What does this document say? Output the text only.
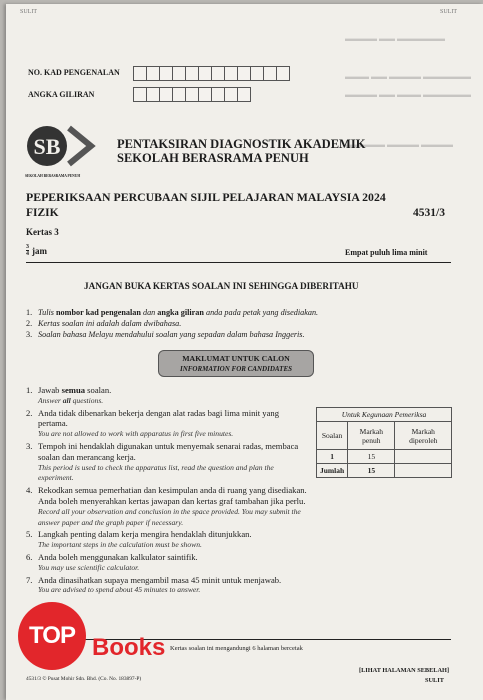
▬▬▬▬ ▬▬ ▬▬▬▬▬▬
▬▬▬ ▬▬ ▬▬▬▬ ▬▬▬▬▬▬
▬▬▬▬ ▬▬ ▬▬▬ ▬▬▬▬▬▬
▬▬▬▬▬ ▬▬▬▬ ▬▬▬▬
SULIT	SULIT
NO. KAD PENGENALAN
ANGKA GILIRAN
SB
SEKOLAH BERASRAMA PENUH
PENTAKSIRAN DIAGNOSTIK AKADEMIK
SEKOLAH BERASRAMA PENUH
PEPERIKSAAN PERCUBAAN SIJIL PELAJARAN MALAYSIA 2024
FIZIK	4531/3
Kertas 3
3
4 jam	Empat puluh lima minit
JANGAN BUKA KERTAS SOALAN INI SEHINGGA DIBERITAHU
1. Tulis nombor kad pengenalan dan angka giliran anda pada petak yang disediakan.
2. Kertas soalan ini adalah dalam dwibahasa.
3. Soalan bahasa Melayu mendahului soalan yang sepadan dalam bahasa Inggeris.
MAKLUMAT UNTUK CALON
INFORMATION FOR CANDIDATES
1. Jawab semua soalan.
Answer all questions.
2. Anda tidak dibenarkan bekerja dengan alat radas bagi lima minit yang pertama.
You are not allowed to work with apparatus in first five minutes.
3. Tempoh ini hendaklah digunakan untuk menyemak senarai radas, membaca soalan dan merancang kerja.
This period is used to check the apparatus list, read the question and plan the experiment.
4. Rekodkan semua pemerhatian dan kesimpulan anda di ruang yang disediakan. Anda boleh menyerahkan kertas jawapan dan kertas graf tambahan jika perlu.
Record all your observation and conclusion in the space provided. You may submit the answer paper and the graph paper if necessary.
5. Langkah penting dalam kerja mengira hendaklah ditunjukkan.
The important steps in the calculation must be shown.
6. Anda boleh menggunakan kalkulator saintifik.
You may use scientific calculator.
7. Anda dinasihatkan supaya mengambil masa 45 minit untuk menjawab.
You are advised to spend about 45 minutes to answer.
Untuk Kegunaan Pemeriksa		
Soalan	Markah penuh	Markah diperoleh
1	15	
Jumlah	15	
Kertas soalan ini mengandungi 6 halaman bercetak
4531/3 © Pusat Mohir Sdn. Bhd. (Co. No. 183897-P)
[LIHAT HALAMAN SEBELAH]
SULIT
TOP Books
